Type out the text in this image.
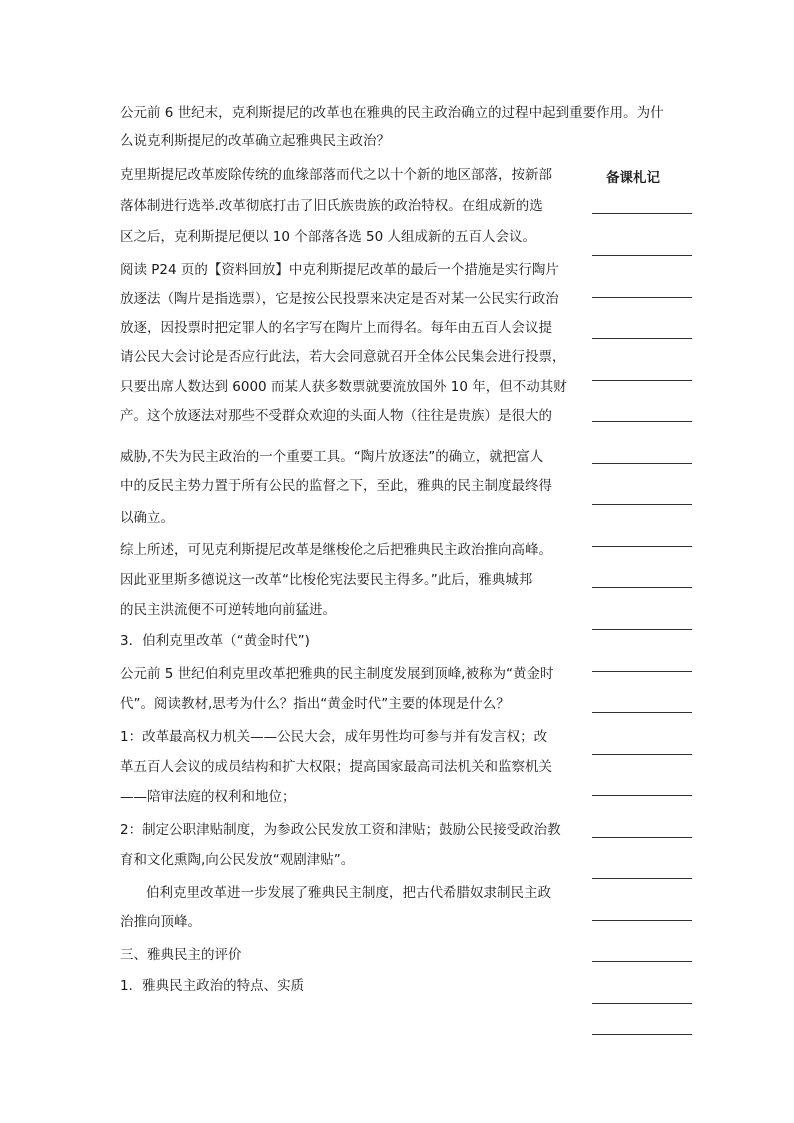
公元前 6 世纪末，克利斯提尼的改革也在雅典的民主政治确立的过程中起到重要作用。为什
么说克利斯提尼的改革确立起雅典民主政治？
备课札记
克里斯提尼改革废除传统的血缘部落而代之以十个新的地区部落，按新部
落体制进行选举.改革彻底打击了旧氏族贵族的政治特权。在组成新的选
区之后，克利斯提尼便以 10 个部落各选 50 人组成新的五百人会议。
阅读 P24 页的【资料回放】中克利斯提尼改革的最后一个措施是实行陶片
放逐法（陶片是指选票），它是按公民投票来决定是否对某一公民实行政治
放逐，因投票时把定罪人的名字写在陶片上而得名。每年由五百人会议提
请公民大会讨论是否应行此法，若大会同意就召开全体公民集会进行投票，
只要出席人数达到 6000 而某人获多数票就要流放国外 10 年，但不动其财
产。这个放逐法对那些不受群众欢迎的头面人物（往往是贵族）是很大的
威胁,不失为民主政治的一个重要工具。“陶片放逐法”的确立，就把富人
中的反民主势力置于所有公民的监督之下，至此，雅典的民主制度最终得
以确立。
综上所述，可见克利斯提尼改革是继梭伦之后把雅典民主政治推向高峰。
因此亚里斯多德说这一改革“比梭伦宪法要民主得多。”此后，雅典城邦
的民主洪流便不可逆转地向前猛进。
3．伯利克里改革（“黄金时代”)
公元前 5 世纪伯利克里改革把雅典的民主制度发展到顶峰,被称为“黄金时
代”。阅读教材,思考为什么？指出“黄金时代”主要的体现是什么？
1：改革最高权力机关——公民大会，成年男性均可参与并有发言权；改
革五百人会议的成员结构和扩大权限；提高国家最高司法机关和监察机关
——陪审法庭的权利和地位；
2：制定公职津贴制度，为参政公民发放工资和津贴；鼓励公民接受政治教
育和文化熏陶,向公民发放“观剧津贴”。
伯利克里改革进一步发展了雅典民主制度，把古代希腊奴隶制民主政
治推向顶峰。
三、雅典民主的评价
1．雅典民主政治的特点、实质
